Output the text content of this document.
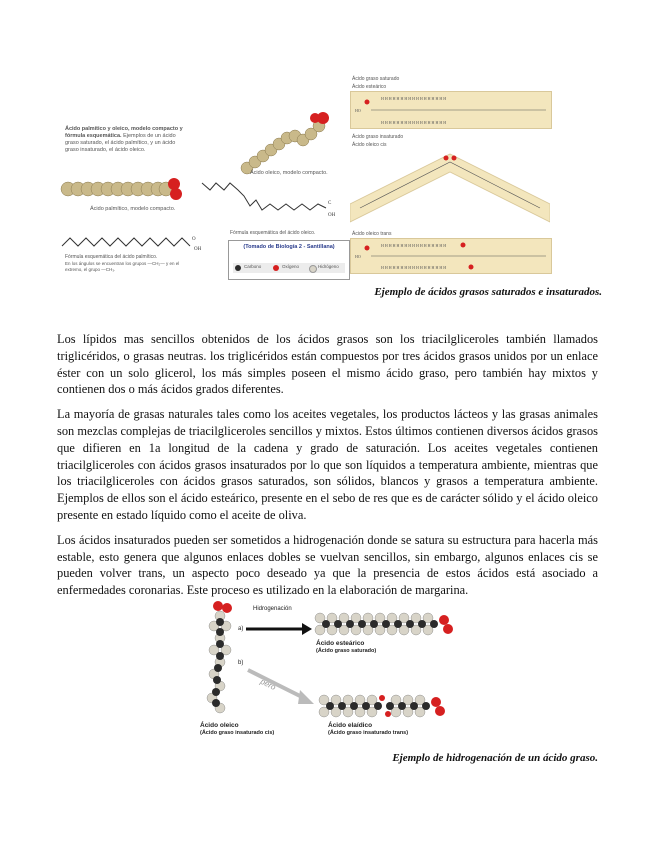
Ácido palmítico y oleico, modelo compacto y fórmula esquemática. Ejemplos de un ácido graso saturado, el ácido palmítico, y un ácido graso insaturado, el ácido oleico.
Ácido oleico, modelo compacto.
Ácido palmítico, modelo compacto.
C
OH
Fórmula esquemática del ácido oleico.
O
OH
Fórmula esquemática del ácido palmítico.
En los ángulos se encuentran los grupos —CH₂— y en el extremo, el grupo —CH₃.
(Tomado de Biología 2 - Santillana)
Carbono	Oxígeno	Hidrógeno
Ácido graso saturado
Ácido esteárico
HO
H H H H H H H H H H H H H H H H H
H H H H H H H H H H H H H H H H H
Ácido graso insaturado
Ácido oleico cis
Ácido oleico trans
HO
H H H H H H H H H H H H H H H H H
H H H H H H H H H H H H H H H H H
Ejemplo de ácidos grasos saturados e insaturados.

Los lípidos mas sencillos obtenidos de los ácidos grasos son los triacilgliceroles también llamados triglicéridos, o grasas neutras. los triglicéridos están compuestos por tres ácidos grasos unidos por un enlace éster con un solo glicerol, los más simples poseen el mismo ácido graso, pero también hay mixtos y contienen dos o más ácidos grados diferentes.

La mayoría de grasas naturales tales como los aceites vegetales, los productos lácteos y las grasas animales son mezclas complejas de triacilgliceroles sencillos y mixtos. Estos últimos contienen diversos ácidos grasos que difieren en 1a longitud de la cadena y grado de saturación. Los aceites vegetales contienen triacilgliceroles con ácidos grasos insaturados por lo que son líquidos a temperatura ambiente, mientras que los triacilgliceroles con ácidos grasos saturados, son sólidos, blancos y grasos a temperatura ambiente. Ejemplos de ellos son el ácido esteárico, presente en el sebo de res que es de carácter sólido y el ácido oleico presente en estado líquido como el aceite de oliva.

Los ácidos insaturados pueden ser sometidos a hidrogenación donde se satura su estructura para hacerla más estable, esto genera que algunos enlaces dobles se vuelvan sencillos, sin embargo, algunos enlaces cis se pueden volver trans, un aspecto poco deseado ya que la presencia de estos ácidos está asociado a enfermedades coronarias. Este proceso es utilizado en la elaboración de margarina.

Hidrogenación
a)
b)
pero
Ácido esteárico
(Ácido graso saturado)
Ácido elaídico
(Ácido graso insaturado trans)
Ácido oleico
(Ácido graso insaturado cis)
Ejemplo de hidrogenación de un ácido graso.
